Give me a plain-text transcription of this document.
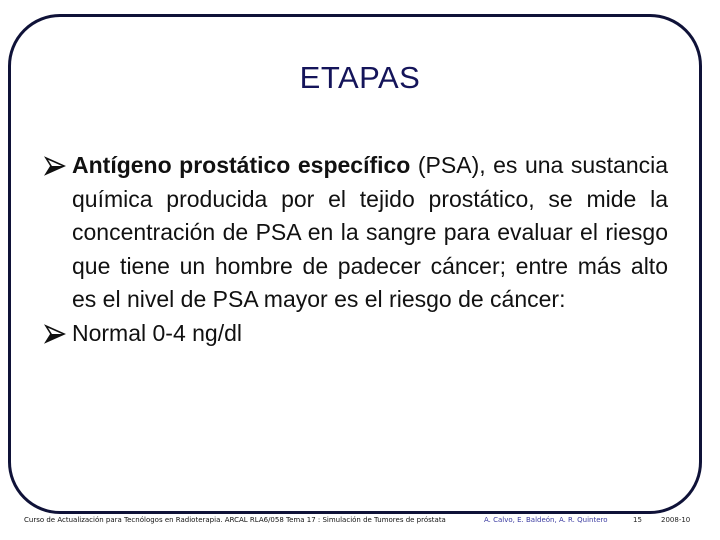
ETAPAS
Antígeno prostático específico (PSA), es una sustancia química producida por el tejido prostático, se mide la concentración de PSA en la sangre para evaluar el riesgo que tiene un hombre de padecer cáncer; entre más alto es el nivel de PSA mayor es el riesgo de cáncer:
Normal 0-4 ng/dl
Curso de Actualización para Tecnólogos en Radioterapia. ARCAL RLA6/058 Tema 17 : Simulación de Tumores de próstata	A. Calvo, E. Baldeón, A. R. Quintero	15	2008-10
